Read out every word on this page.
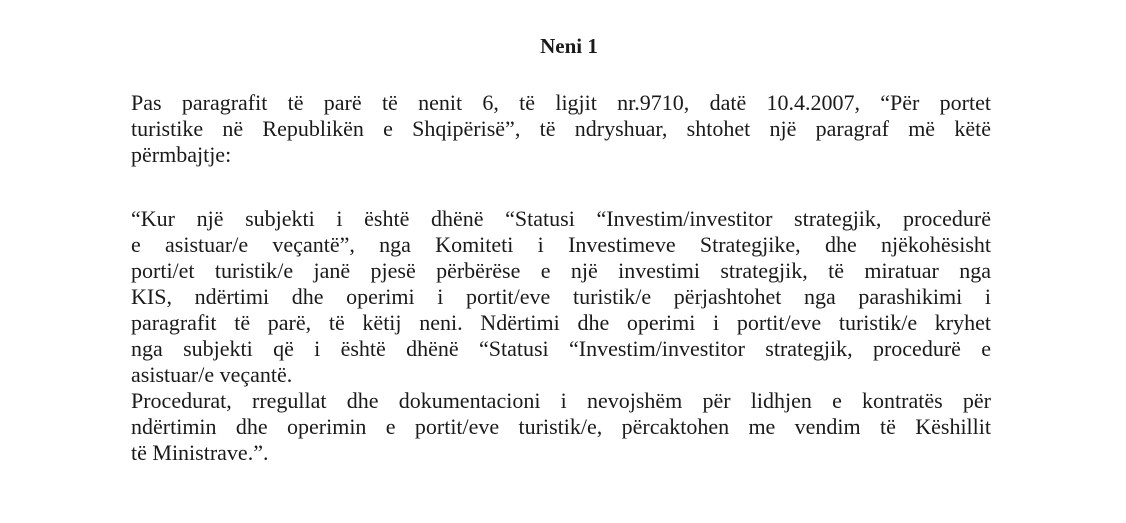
Neni 1
Pas paragrafit të parë të nenit 6, të ligjit nr.9710, datë 10.4.2007, “Për portet
turistike në Republikën e Shqipërisë”, të ndryshuar, shtohet një paragraf më këtë
përmbajtje:
“Kur një subjekti i është dhënë “Statusi “Investim/investitor strategjik, procedurë
e asistuar/e veçantë”, nga Komiteti i Investimeve Strategjike, dhe njëkohësisht
porti/et turistik/e janë pjesë përbërëse e një investimi strategjik, të miratuar nga
KIS, ndërtimi dhe operimi i portit/eve turistik/e përjashtohet nga parashikimi i
paragrafit të parë, të këtij neni. Ndërtimi dhe operimi i portit/eve turistik/e kryhet
nga subjekti që i është dhënë “Statusi “Investim/investitor strategjik, procedurë e
asistuar/e veçantë.
Procedurat, rregullat dhe dokumentacioni i nevojshëm për lidhjen e kontratës për
ndërtimin dhe operimin e portit/eve turistik/e, përcaktohen me vendim të Këshillit
të Ministrave.”.
